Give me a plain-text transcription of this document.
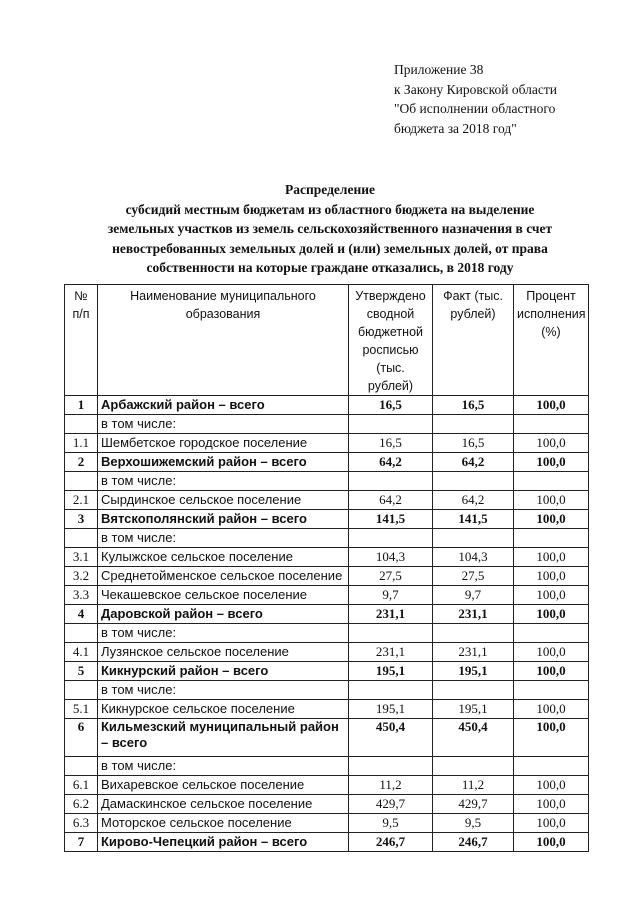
Приложение 38
к Закону Кировской области
"Об исполнении областного
бюджета за 2018 год"
Распределение
субсидий местным бюджетам из областного бюджета на выделение
земельных участков из земель сельскохозяйственного назначения в счет
невостребованных земельных долей и (или) земельных долей, от права
собственности на которые граждане отказались, в 2018 году
№ п/п	Наименование муниципального образования	Утверждено сводной бюджетной росписью (тыс. рублей)	Факт (тыс. рублей)	Процент исполнения (%)
1	Арбажский район – всего	16,5	16,5	100,0
	в том числе:			
1.1	Шембетское городское поселение	16,5	16,5	100,0
2	Верхошижемский район – всего	64,2	64,2	100,0
	в том числе:			
2.1	Сырдинское сельское поселение	64,2	64,2	100,0
3	Вятскополянский район – всего	141,5	141,5	100,0
	в том числе:			
3.1	Кулыжское сельское поселение	104,3	104,3	100,0
3.2	Среднетойменское сельское поселение	27,5	27,5	100,0
3.3	Чекашевское сельское поселение	9,7	9,7	100,0
4	Даровской район – всего	231,1	231,1	100,0
	в том числе:			
4.1	Лузянское сельское поселение	231,1	231,1	100,0
5	Кикнурский район – всего	195,1	195,1	100,0
	в том числе:			
5.1	Кикнурское сельское поселение	195,1	195,1	100,0
6	Кильмезский муниципальный район – всего	450,4	450,4	100,0
	в том числе:			
6.1	Вихаревское сельское поселение	11,2	11,2	100,0
6.2	Дамаскинское сельское поселение	429,7	429,7	100,0
6.3	Моторское сельское поселение	9,5	9,5	100,0
7	Кирово-Чепецкий район – всего	246,7	246,7	100,0
